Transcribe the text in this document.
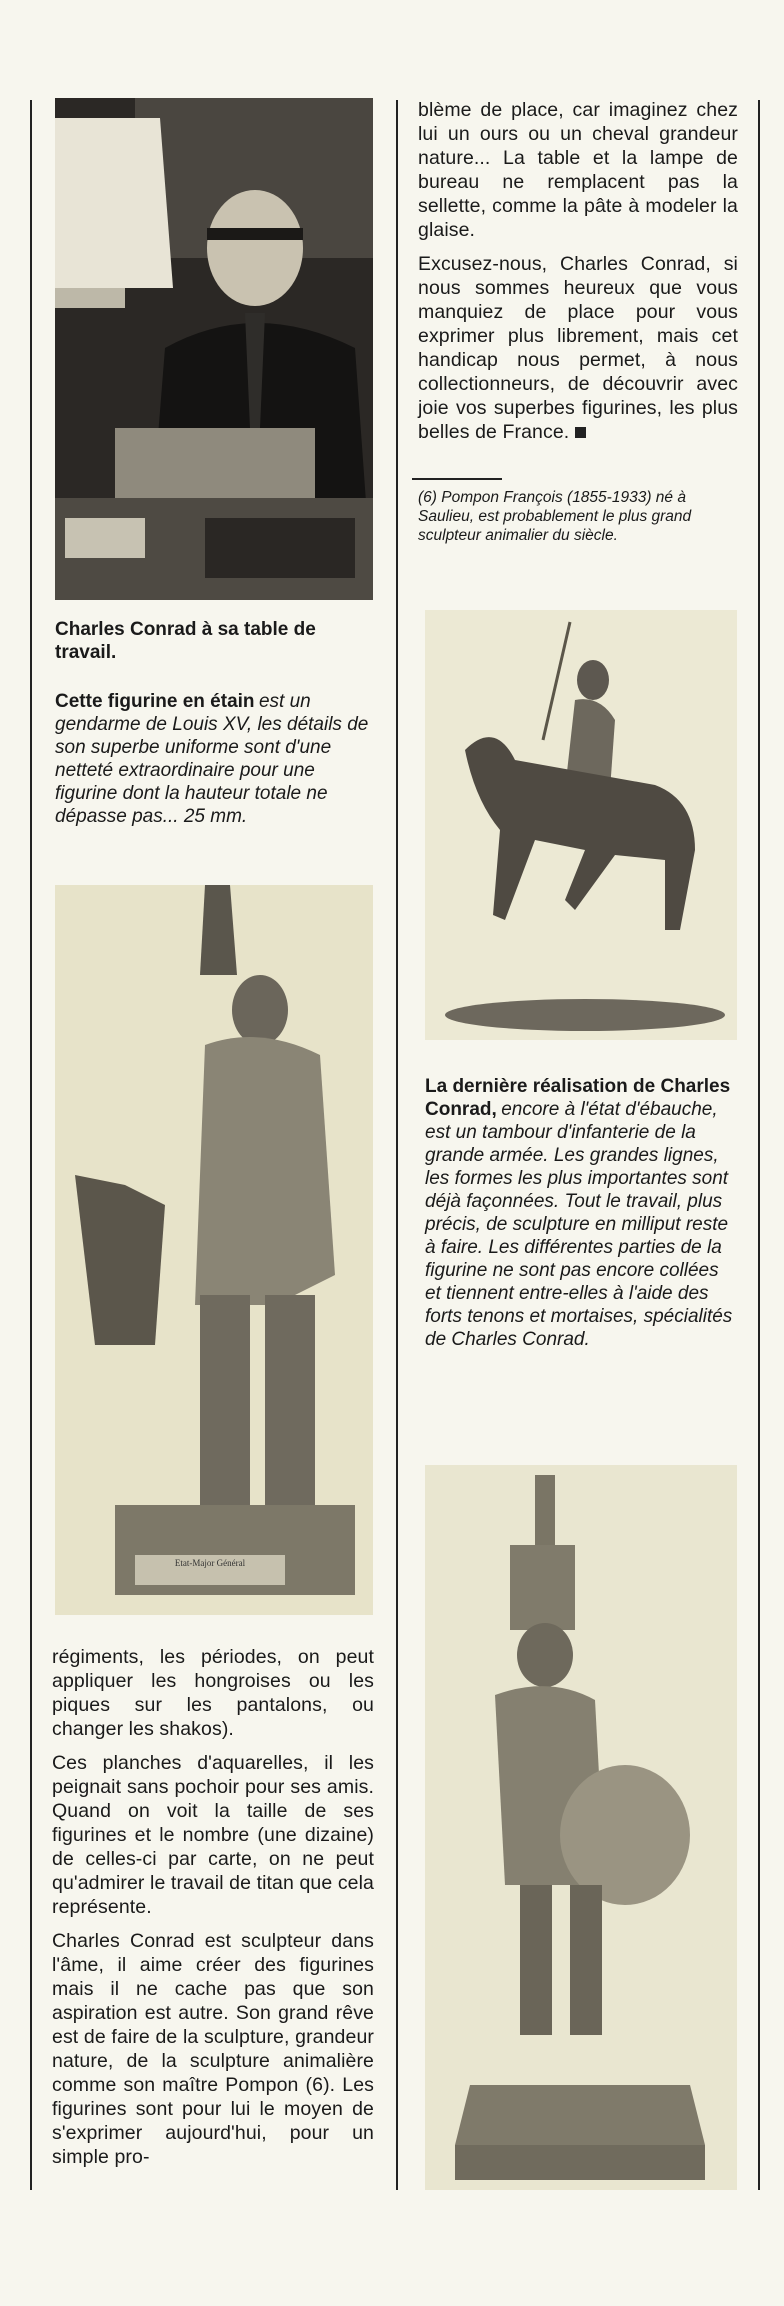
Charles Conrad à sa table de travail.
Cette figurine en étain est un gendarme de Louis XV, les détails de son superbe uniforme sont d'une netteté extraordinaire pour une figurine dont la hauteur totale ne dépasse pas... 25 mm.
Etat-Major Général

régiments, les périodes, on peut appliquer les hongroises ou les piques sur les pantalons, ou changer les shakos).

Ces planches d'aquarelles, il les peignait sans pochoir pour ses amis. Quand on voit la taille de ses figurines et le nombre (une dizaine) de celles-ci par carte, on ne peut qu'admirer le travail de titan que cela représente.

Charles Conrad est sculpteur dans l'âme, il aime créer des figurines mais il ne cache pas que son aspiration est autre. Son grand rêve est de faire de la sculpture, grandeur nature, de la sculpture animalière comme son maître Pompon (6). Les figurines sont pour lui le moyen de s'exprimer aujourd'hui, pour un simple pro-

blème de place, car imaginez chez lui un ours ou un cheval grandeur nature... La table et la lampe de bureau ne remplacent pas la sellette, comme la pâte à modeler la glaise.

Excusez-nous, Charles Conrad, si nous sommes heureux que vous manquiez de place pour vous exprimer plus librement, mais cet handicap nous permet, à nous collectionneurs, de découvrir avec joie vos superbes figurines, les plus belles de France.

(6) Pompon François (1855-1933) né à Saulieu, est probablement le plus grand sculpteur animalier du siècle.
La dernière réalisation de Charles Conrad, encore à l'état d'ébauche, est un tambour d'infanterie de la grande armée. Les grandes lignes, les formes les plus importantes sont déjà façonnées. Tout le travail, plus précis, de sculpture en milliput reste à faire. Les différentes parties de la figurine ne sont pas encore collées et tiennent entre-elles à l'aide des forts tenons et mortaises, spécialités de Charles Conrad.
